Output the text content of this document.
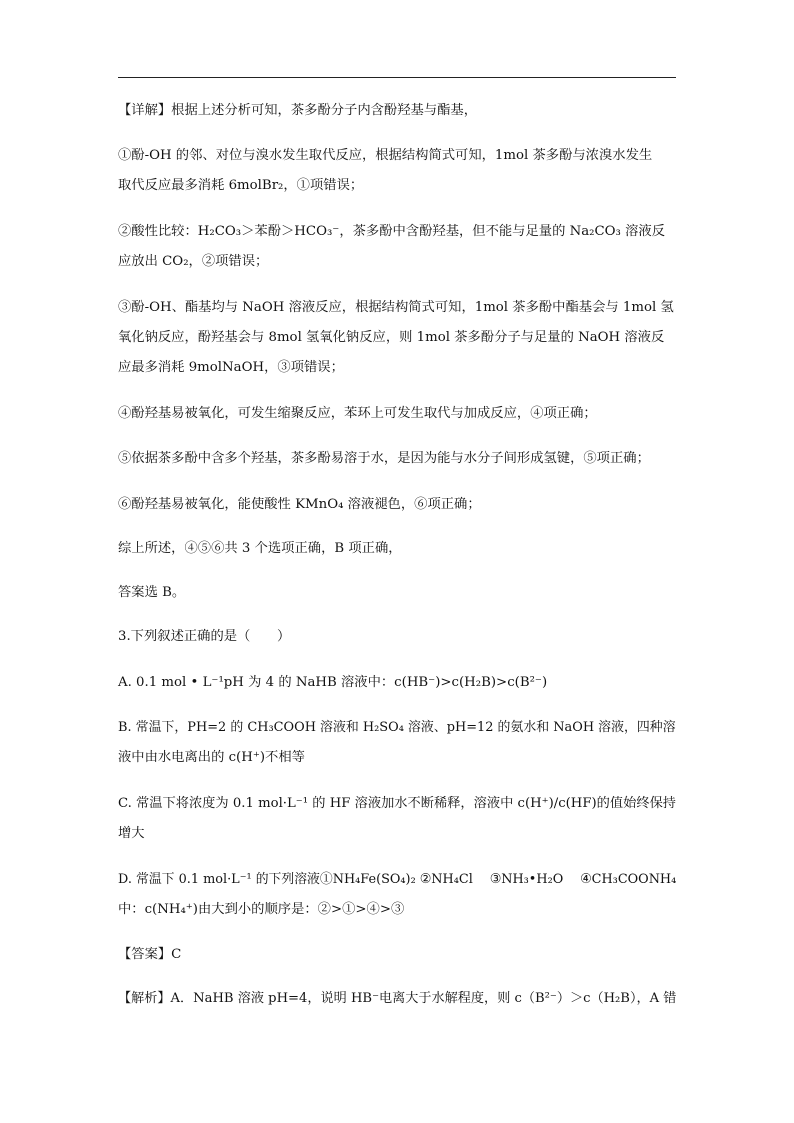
【详解】根据上述分析可知，茶多酚分子内含酚羟基与酯基，
①酚-OH 的邻、对位与溴水发生取代反应，根据结构简式可知，1mol 茶多酚与浓溴水发生
取代反应最多消耗 6molBr₂，①项错误；
②酸性比较：H₂CO₃＞苯酚＞HCO₃⁻，茶多酚中含酚羟基，但不能与足量的 Na₂CO₃ 溶液反
应放出 CO₂，②项错误；
③酚-OH、酯基均与 NaOH 溶液反应，根据结构简式可知，1mol 茶多酚中酯基会与 1mol 氢
氧化钠反应，酚羟基会与 8mol 氢氧化钠反应，则 1mol 茶多酚分子与足量的 NaOH 溶液反
应最多消耗 9molNaOH，③项错误；
④酚羟基易被氧化，可发生缩聚反应，苯环上可发生取代与加成反应，④项正确；
⑤依据茶多酚中含多个羟基，茶多酚易溶于水，是因为能与水分子间形成氢键，⑤项正确；
⑥酚羟基易被氧化，能使酸性 KMnO₄ 溶液褪色，⑥项正确；
综上所述，④⑤⑥共 3 个选项正确，B 项正确，
答案选 B。
3.下列叙述正确的是（　　）
A. 0.1 mol • L⁻¹pH 为 4 的 NaHB 溶液中：c(HB⁻)>c(H₂B)>c(B²⁻)
B. 常温下，PH=2 的 CH₃COOH 溶液和 H₂SO₄ 溶液、pH=12 的氨水和 NaOH 溶液，四种溶
液中由水电离出的 c(H⁺)不相等
C. 常温下将浓度为 0.1 mol·L⁻¹ 的 HF 溶液加水不断稀释，溶液中 c(H⁺)/c(HF)的值始终保持
增大
D. 常温下 0.1 mol·L⁻¹ 的下列溶液①NH₄Fe(SO₄)₂ ②NH₄Cl　 ③NH₃•H₂O　 ④CH₃COONH₄
中：c(NH₄⁺)由大到小的顺序是：②>①>④>③
【答案】C
【解析】A．NaHB 溶液 pH=4，说明 HB⁻电离大于水解程度，则 c（B²⁻）＞c（H₂B），A 错
